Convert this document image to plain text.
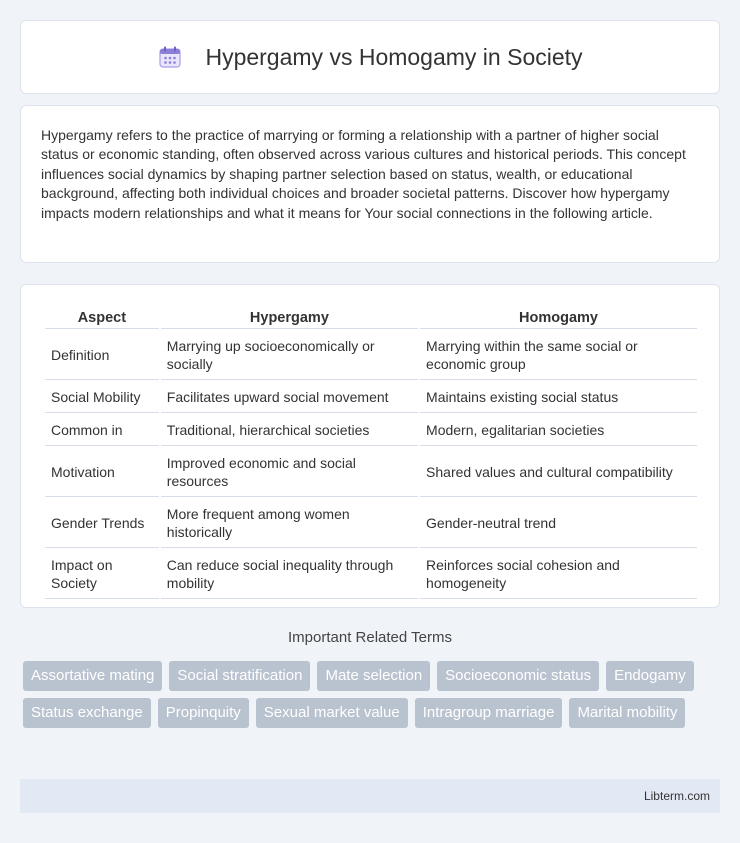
Hypergamy vs Homogamy in Society

Hypergamy refers to the practice of marrying or forming a relationship with a partner of higher social status or economic standing, often observed across various cultures and historical periods. This concept influences social dynamics by shaping partner selection based on status, wealth, or educational background, affecting both individual choices and broader societal patterns. Discover how hypergamy impacts modern relationships and what it means for Your social connections in the following article.

Aspect	Hypergamy	Homogamy
Definition	Marrying up socioeconomically or socially	Marrying within the same social or economic group
Social Mobility	Facilitates upward social movement	Maintains existing social status
Common in	Traditional, hierarchical societies	Modern, egalitarian societies
Motivation	Improved economic and social resources	Shared values and cultural compatibility
Gender Trends	More frequent among women historically	Gender-neutral trend
Impact on Society	Can reduce social inequality through mobility	Reinforces social cohesion and homogeneity
Important Related Terms
Assortative mating	Social stratification	Mate selection	Socioeconomic status	Endogamy
Status exchange	Propinquity	Sexual market value	Intragroup marriage	Marital mobility
Libterm.com
